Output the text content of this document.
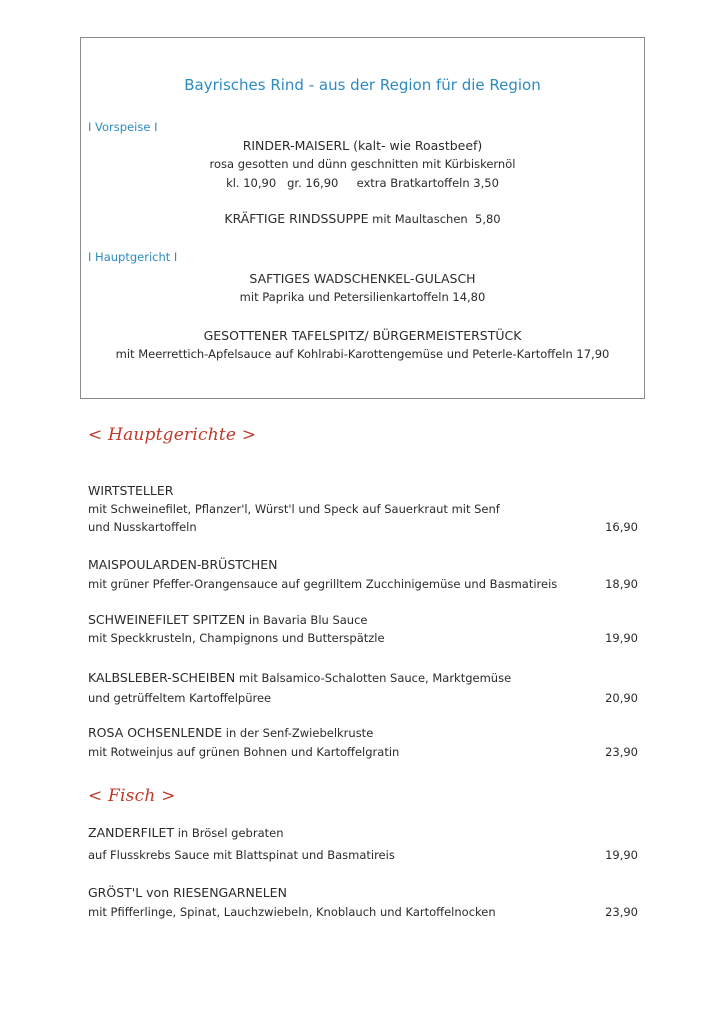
Bayrisches Rind - aus der Region für die Region
I Vorspeise I
RINDER-MAISERL (kalt- wie Roastbeef)
rosa gesotten und dünn geschnitten mit Kürbiskernöl
kl. 10,90   gr. 16,90     extra Bratkartoffeln 3,50
KRÄFTIGE RINDSSUPPE mit Maultaschen  5,80
I Hauptgericht I
SAFTIGES WADSCHENKEL-GULASCH
mit Paprika und Petersilienkartoffeln 14,80
GESOTTENER TAFELSPITZ/ BÜRGERMEISTERSTÜCK
mit Meerrettich-Apfelsauce auf Kohlrabi-Karottengemüse und Peterle-Kartoffeln 17,90
< Hauptgerichte >
WIRTSTELLER
mit Schweinefilet, Pflanzer'l, Würst'l und Speck auf Sauerkraut mit Senf
und Nusskartoffeln	16,90
MAISPOULARDEN-BRÜSTCHEN
mit grüner Pfeffer-Orangensauce auf gegrilltem Zucchinigemüse und Basmatireis	18,90
SCHWEINEFILET SPITZEN in Bavaria Blu Sauce
mit Speckkrusteln, Champignons und Butterspätzle	19,90
KALBSLEBER-SCHEIBEN mit Balsamico-Schalotten Sauce, Marktgemüse
und getrüffeltem Kartoffelpüree	20,90
ROSA OCHSENLENDE in der Senf-Zwiebelkruste
mit Rotweinjus auf grünen Bohnen und Kartoffelgratin	23,90
< Fisch >
ZANDERFILET in Brösel gebraten
auf Flusskrebs Sauce mit Blattspinat und Basmatireis	19,90
GRÖST'L von RIESENGARNELEN
mit Pfifferlinge, Spinat, Lauchzwiebeln, Knoblauch und Kartoffelnocken	23,90
